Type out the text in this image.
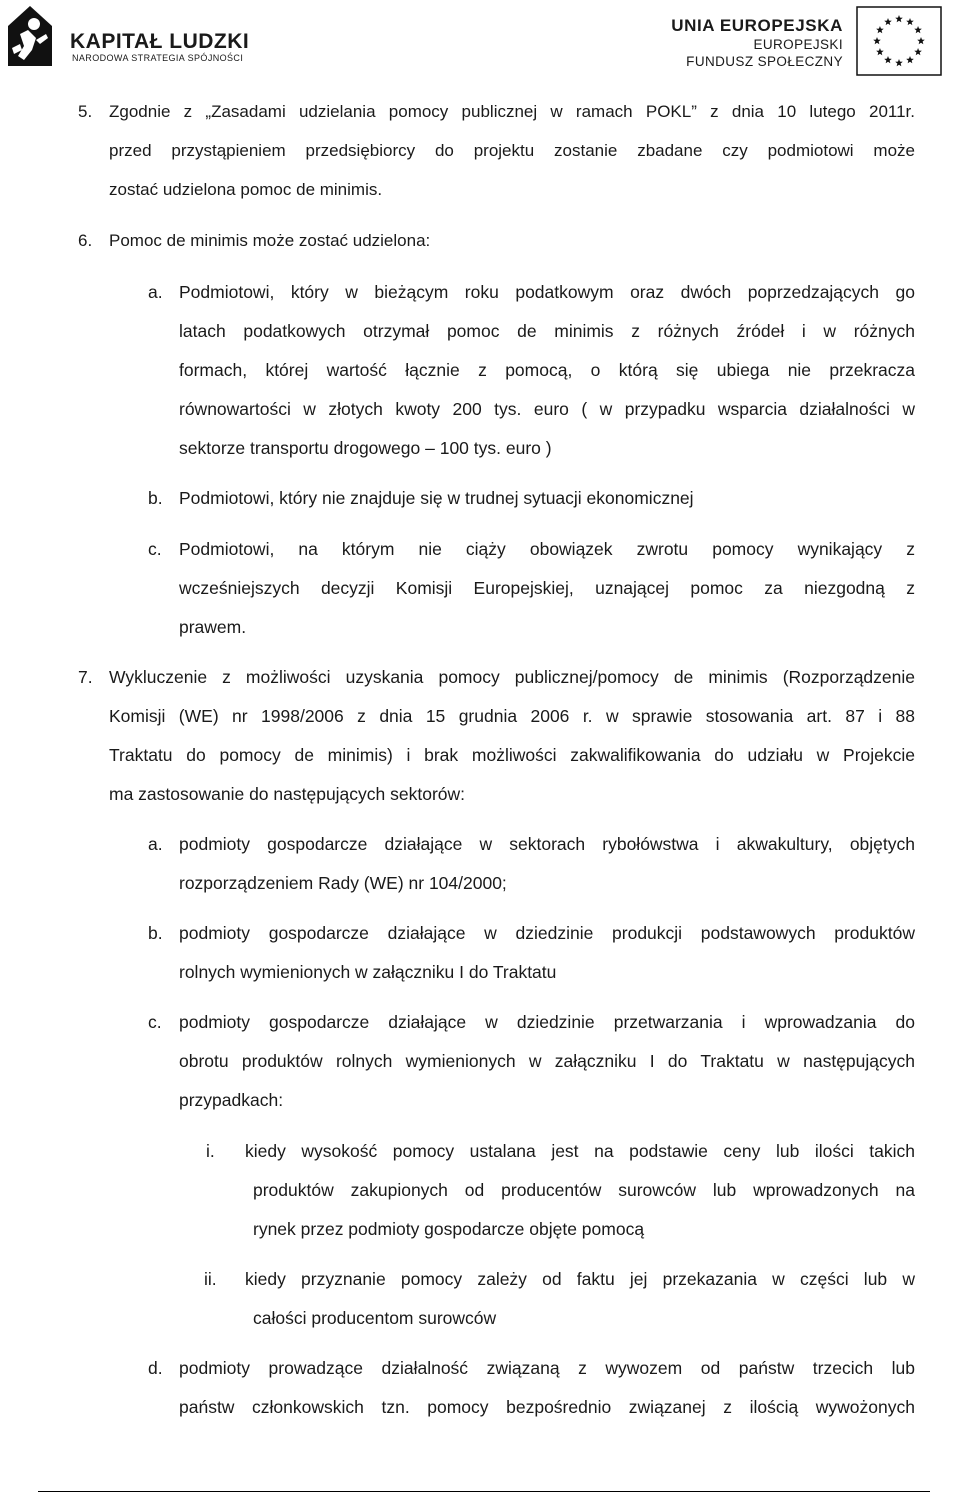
KAPITAŁ LUDZKI
NARODOWA STRATEGIA SPÓJNOŚCI
UNIA EUROPEJSKA
EUROPEJSKI
FUNDUSZ SPOŁECZNY
5. Zgodnie z „Zasadami udzielania pomocy publicznej w ramach POKL” z dnia 10 lutego 2011r.
przed przystąpieniem przedsiębiorcy do projektu zostanie zbadane czy podmiotowi może
zostać udzielona pomoc de minimis.
6. Pomoc de minimis może zostać udzielona:
a. Podmiotowi, który w bieżącym roku podatkowym oraz dwóch poprzedzających go
latach podatkowych otrzymał pomoc de minimis z różnych źródeł i w różnych
formach, której wartość łącznie z pomocą, o którą się ubiega nie przekracza
równowartości w złotych kwoty 200 tys. euro ( w przypadku wsparcia działalności w
sektorze transportu drogowego – 100 tys. euro )
b. Podmiotowi, który nie znajduje się w trudnej sytuacji ekonomicznej
c. Podmiotowi, na którym nie ciąży obowiązek zwrotu pomocy wynikający z
wcześniejszych decyzji Komisji Europejskiej, uznającej pomoc za niezgodną z
prawem.
7. Wykluczenie z możliwości uzyskania pomocy publicznej/pomocy de minimis (Rozporządzenie
Komisji (WE) nr 1998/2006 z dnia 15 grudnia 2006 r. w sprawie stosowania art. 87 i 88
Traktatu do pomocy de minimis) i brak możliwości zakwalifikowania do udziału w Projekcie
ma zastosowanie do następujących sektorów:
a. podmioty gospodarcze działające w sektorach rybołówstwa i akwakultury, objętych
rozporządzeniem Rady (WE) nr 104/2000;
b. podmioty gospodarcze działające w dziedzinie produkcji podstawowych produktów
rolnych wymienionych w załączniku I do Traktatu
c. podmioty gospodarcze działające w dziedzinie przetwarzania i wprowadzania do
obrotu produktów rolnych wymienionych w załączniku I do Traktatu w następujących
przypadkach:
i. kiedy wysokość pomocy ustalana jest na podstawie ceny lub ilości takich
produktów zakupionych od producentów surowców lub wprowadzonych na
rynek przez podmioty gospodarcze objęte pomocą
ii. kiedy przyznanie pomocy zależy od faktu jej przekazania w części lub w
całości producentom surowców
d. podmioty prowadzące działalność związaną z wywozem od państw trzecich lub
państw członkowskich tzn. pomocy bezpośrednio związanej z ilością wywożonych
